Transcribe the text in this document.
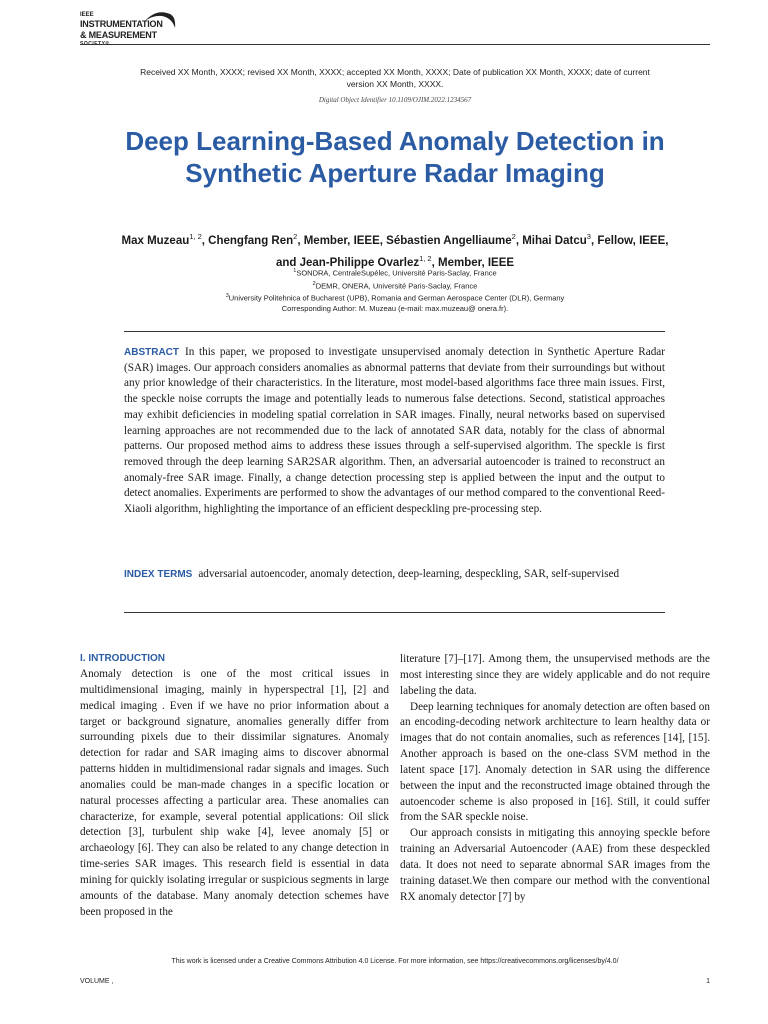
IEEE
INSTRUMENTATION
& MEASUREMENT
Received XX Month, XXXX; revised XX Month, XXXX; accepted XX Month, XXXX; Date of publication XX Month, XXXX; date of current version XX Month, XXXX.
Digital Object Identifier 10.1109/OJIM.2022.1234567
Deep Learning-Based Anomaly Detection in Synthetic Aperture Radar Imaging
Max Muzeau$^{1, 2}$, Chengfang Ren$^2$, Member, IEEE, Sébastien Angelliaume$^2$, Mihai Datcu$^3$, Fellow, IEEE, and Jean-Philippe Ovarlez$^{1, 2}$, Member, IEEE
$^1$SONDRA, CentraleSupélec, Université Paris-Saclay, France
$^2$DEMR, ONERA, Université Paris-Saclay, France
$^3$University Politehnica of Bucharest (UPB), Romania and German Aerospace Center (DLR), Germany
Corresponding Author: M. Muzeau (e-mail: max.muzeau@ onera.fr).
ABSTRACT In this paper, we proposed to investigate unsupervised anomaly detection in Synthetic Aperture Radar (SAR) images. Our approach considers anomalies as abnormal patterns that deviate from their surroundings but without any prior knowledge of their characteristics. In the literature, most model-based algorithms face three main issues. First, the speckle noise corrupts the image and potentially leads to numerous false detections. Second, statistical approaches may exhibit deficiencies in modeling spatial correlation in SAR images. Finally, neural networks based on supervised learning approaches are not recommended due to the lack of annotated SAR data, notably for the class of abnormal patterns. Our proposed method aims to address these issues through a self-supervised algorithm. The speckle is first removed through the deep learning SAR2SAR algorithm. Then, an adversarial autoencoder is trained to reconstruct an anomaly-free SAR image. Finally, a change detection processing step is applied between the input and the output to detect anomalies. Experiments are performed to show the advantages of our method compared to the conventional Reed-Xiaoli algorithm, highlighting the importance of an efficient despeckling pre-processing step.
INDEX TERMS adversarial autoencoder, anomaly detection, deep-learning, despeckling, SAR, self-supervised
I. INTRODUCTION

Anomaly detection is one of the most critical issues in multidimensional imaging, mainly in hyperspectral [1], [2] and medical imaging . Even if we have no prior information about a target or background signature, anomalies generally differ from surrounding pixels due to their dissimilar signatures. Anomaly detection for radar and SAR imaging aims to discover abnormal patterns hidden in multidimensional radar signals and images. Such anomalies could be man-made changes in a specific location or natural processes affecting a particular area. These anomalies can characterize, for example, several potential applications: Oil slick detection [3], turbulent ship wake [4], levee anomaly [5] or archaeology [6]. They can also be related to any change detection in time-series SAR images. This research field is essential in data mining for quickly isolating irregular or suspicious segments in large amounts of the database. Many anomaly detection schemes have been proposed in the

literature [7]–[17]. Among them, the unsupervised methods are the most interesting since they are widely applicable and do not require labeling the data.

Deep learning techniques for anomaly detection are often based on an encoding-decoding network architecture to learn healthy data or images that do not contain anomalies, such as references [14], [15]. Another approach is based on the one-class SVM method in the latent space [17]. Anomaly detection in SAR using the difference between the input and the reconstructed image obtained through the autoencoder scheme is also proposed in [16]. Still, it could suffer from the SAR speckle noise.

Our approach consists in mitigating this annoying speckle before training an Adversarial Autoencoder (AAE) from these despeckled data. It does not need to separate abnormal SAR images from the training dataset.We then compare our method with the conventional RX anomaly detector [7] by

This work is licensed under a Creative Commons Attribution 4.0 License. For more information, see https://creativecommons.org/licenses/by/4.0/
VOLUME ,	1
